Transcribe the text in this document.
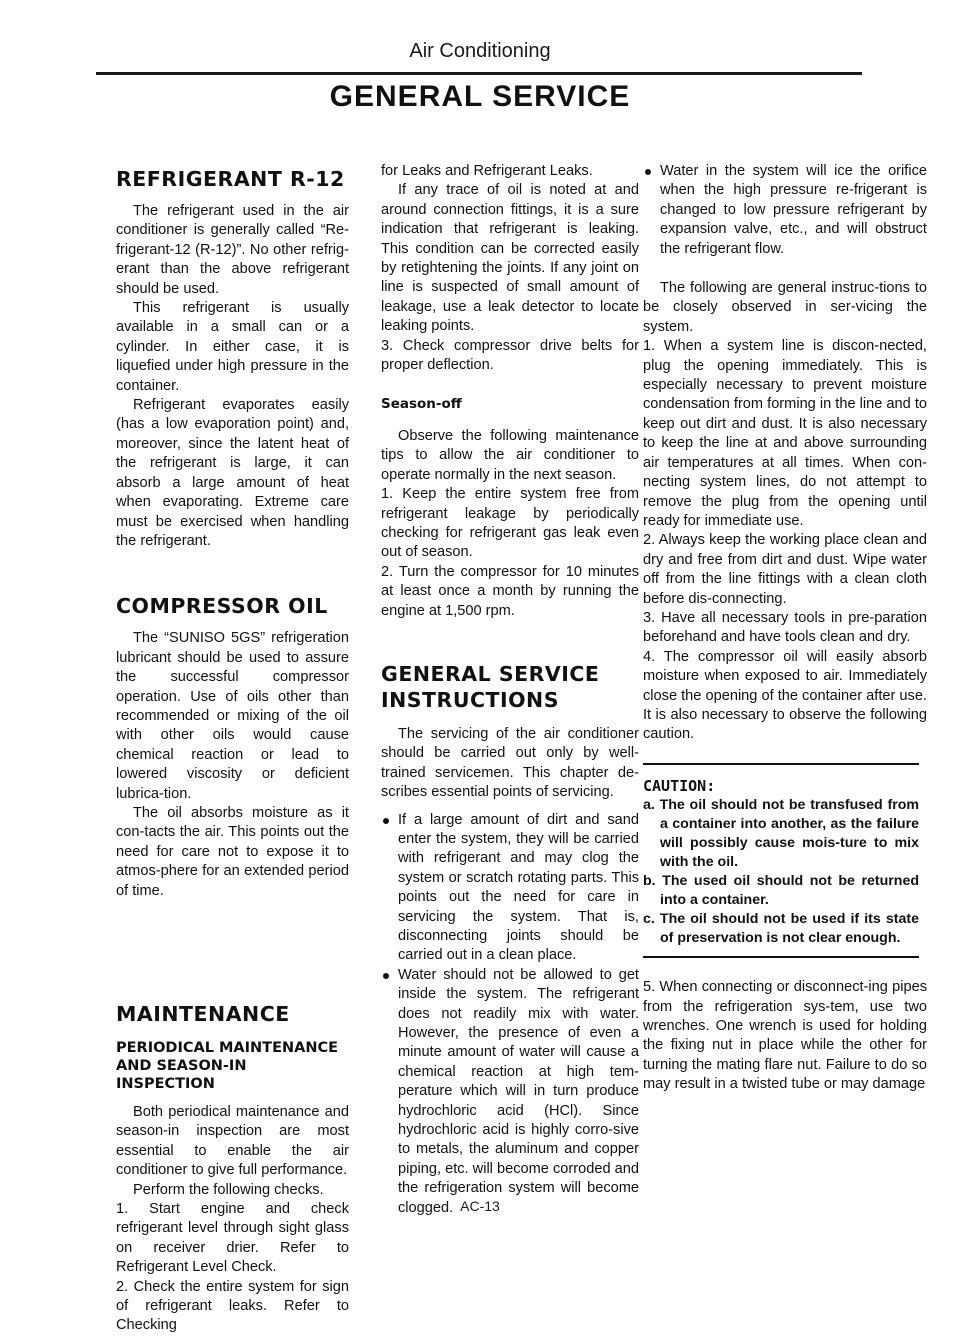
Air Conditioning
GENERAL SERVICE
REFRIGERANT R-12

The refrigerant used in the air conditioner is generally called “Re-frigerant-12 (R-12)”. No other refrig-erant than the above refrigerant should be used.

This refrigerant is usually available in a small can or a cylinder. In either case, it is liquefied under high pressure in the container.

Refrigerant evaporates easily (has a low evaporation point) and, moreover, since the latent heat of the refrigerant is large, it can absorb a large amount of heat when evaporating. Extreme care must be exercised when handling the refrigerant.

COMPRESSOR OIL

The “SUNISO 5GS” refrigeration lubricant should be used to assure the successful compressor operation. Use of oils other than recommended or mixing of the oil with other oils would cause chemical reaction or lead to lowered viscosity or deficient lubrica-tion.

The oil absorbs moisture as it con-tacts the air. This points out the need for care not to expose it to atmos-phere for an extended period of time.

MAINTENANCE
PERIODICAL MAINTENANCE AND SEASON-IN INSPECTION

Both periodical maintenance and season-in inspection are most essential to enable the air conditioner to give full performance.

Perform the following checks.

1. Start engine and check refrigerant level through sight glass on receiver drier. Refer to Refrigerant Level Check.

2. Check the entire system for sign of refrigerant leaks. Refer to Checking

for Leaks and Refrigerant Leaks.

If any trace of oil is noted at and around connection fittings, it is a sure indication that refrigerant is leaking. This condition can be corrected easily by retightening the joints. If any joint on line is suspected of small amount of leakage, use a leak detector to locate leaking points.

3. Check compressor drive belts for proper deflection.

Season-off

Observe the following maintenance tips to allow the air conditioner to operate normally in the next season.

1. Keep the entire system free from refrigerant leakage by periodically checking for refrigerant gas leak even out of season.

2. Turn the compressor for 10 minutes at least once a month by running the engine at 1,500 rpm.

GENERAL SERVICE INSTRUCTIONS

The servicing of the air conditioner should be carried out only by well-trained servicemen. This chapter de-scribes essential points of servicing.

If a large amount of dirt and sand enter the system, they will be carried with refrigerant and may clog the system or scratch rotating parts. This points out the need for care in servicing the system. That is, disconnecting joints should be carried out in a clean place.
Water should not be allowed to get inside the system. The refrigerant does not readily mix with water. However, the presence of even a minute amount of water will cause a chemical reaction at high tem-perature which will in turn produce hydrochloric acid (HCl). Since hydrochloric acid is highly corro-sive to metals, the aluminum and copper piping, etc. will become corroded and the refrigeration system will become clogged.
Water in the system will ice the orifice when the high pressure re-frigerant is changed to low pressure refrigerant by expansion valve, etc., and will obstruct the refrigerant flow.

The following are general instruc-tions to be closely observed in ser-vicing the system.

1. When a system line is discon-nected, plug the opening immediately. This is especially necessary to prevent moisture condensation from forming in the line and to keep out dirt and dust. It is also necessary to keep the line at and above surrounding air temperatures at all times. When con-necting system lines, do not attempt to remove the plug from the opening until ready for immediate use.

2. Always keep the working place clean and dry and free from dirt and dust. Wipe water off from the line fittings with a clean cloth before dis-connecting.

3. Have all necessary tools in pre-paration beforehand and have tools clean and dry.

4. The compressor oil will easily absorb moisture when exposed to air. Immediately close the opening of the container after use. It is also necessary to observe the following caution.

CAUTION:

a. The oil should not be transfused from a container into another, as the failure will possibly cause mois-ture to mix with the oil.

b. The used oil should not be returned into a container.

c. The oil should not be used if its state of preservation is not clear enough.

5. When connecting or disconnect-ing pipes from the refrigeration sys-tem, use two wrenches. One wrench is used for holding the fixing nut in place while the other for turning the mating flare nut. Failure to do so may result in a twisted tube or may damage

AC-13
